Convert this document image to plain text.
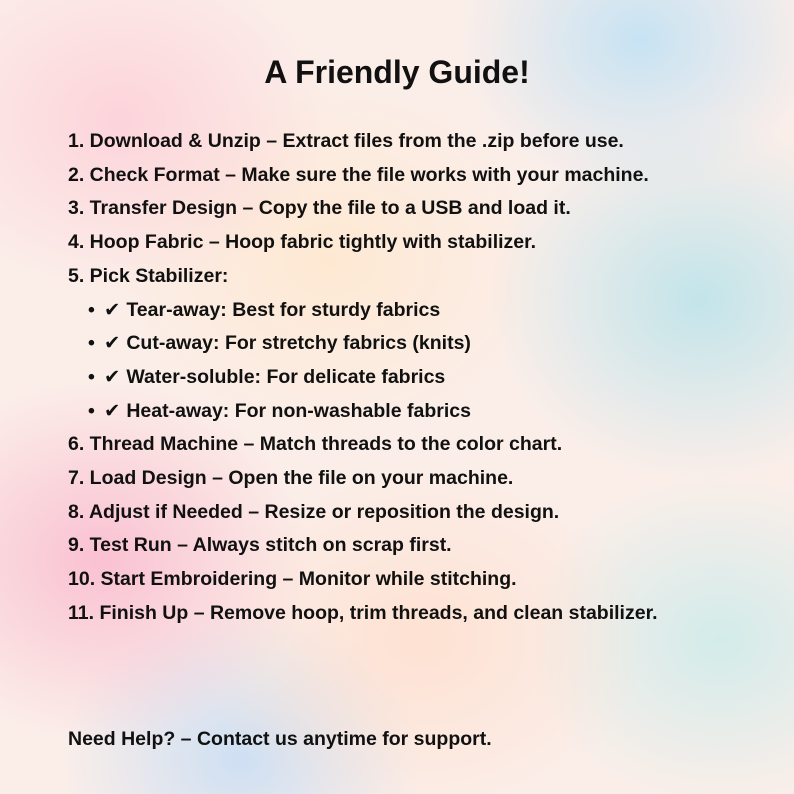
A Friendly Guide!
1. Download & Unzip – Extract files from the .zip before use.
2. Check Format – Make sure the file works with your machine.
3. Transfer Design – Copy the file to a USB and load it.
4. Hoop Fabric – Hoop fabric tightly with stabilizer.
5. Pick Stabilizer:
• ✔ Tear-away: Best for sturdy fabrics
• ✔ Cut-away: For stretchy fabrics (knits)
• ✔ Water-soluble: For delicate fabrics
• ✔ Heat-away: For non-washable fabrics
6. Thread Machine – Match threads to the color chart.
7. Load Design – Open the file on your machine.
8. Adjust if Needed – Resize or reposition the design.
9. Test Run – Always stitch on scrap first.
10. Start Embroidering – Monitor while stitching.
11. Finish Up – Remove hoop, trim threads, and clean stabilizer.

Need Help? – Contact us anytime for support.
